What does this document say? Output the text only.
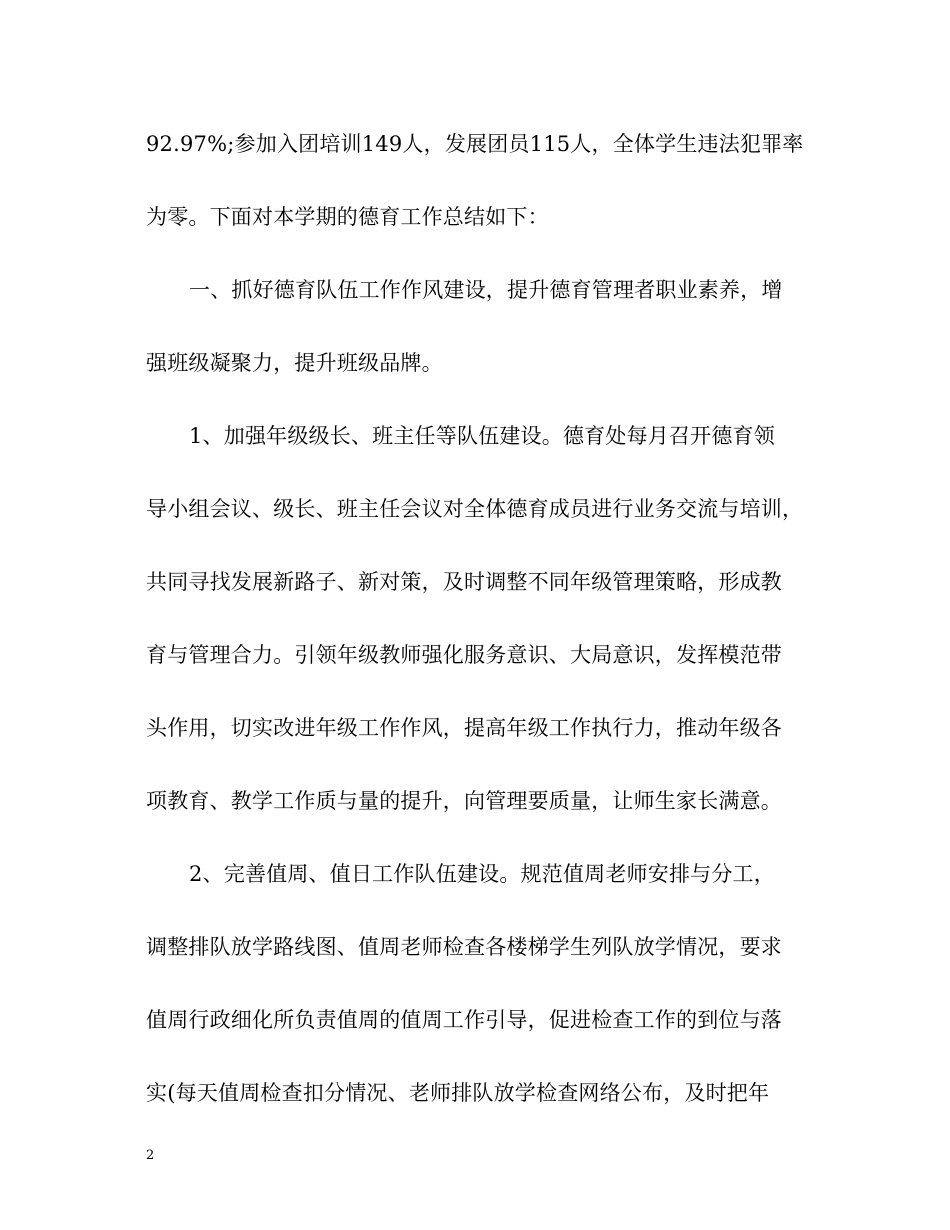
92.97%;参加入团培训149人，发展团员115人，全体学生违法犯罪率
为零。下面对本学期的德育工作总结如下：
一、抓好德育队伍工作作风建设，提升德育管理者职业素养，增
强班级凝聚力，提升班级品牌。
1、加强年级级长、班主任等队伍建设。德育处每月召开德育领
导小组会议、级长、班主任会议对全体德育成员进行业务交流与培训，
共同寻找发展新路子、新对策，及时调整不同年级管理策略，形成教
育与管理合力。引领年级教师强化服务意识、大局意识，发挥模范带
头作用，切实改进年级工作作风，提高年级工作执行力，推动年级各
项教育、教学工作质与量的提升，向管理要质量，让师生家长满意。
2、完善值周、值日工作队伍建设。规范值周老师安排与分工，
调整排队放学路线图、值周老师检查各楼梯学生列队放学情况，要求
值周行政细化所负责值周的值周工作引导，促进检查工作的到位与落
实(每天值周检查扣分情况、老师排队放学检查网络公布，及时把年
2
